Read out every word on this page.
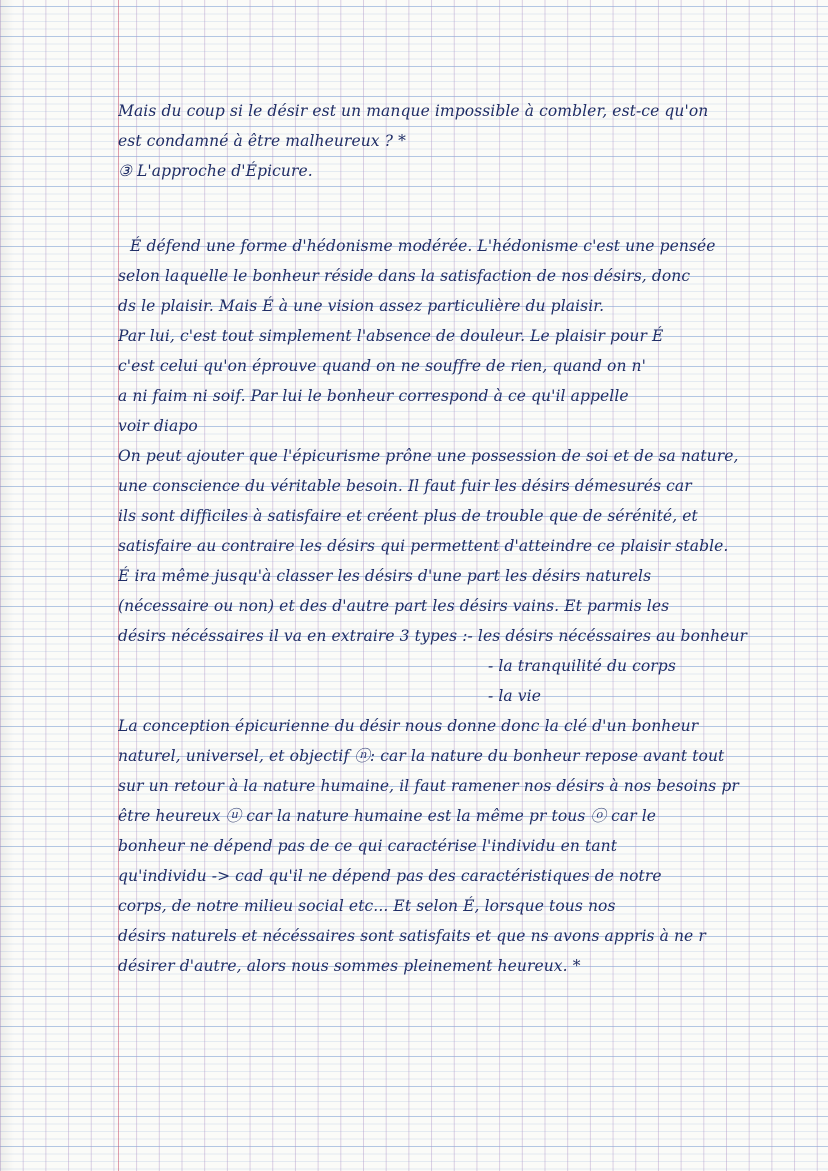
Mais du coup si le désir est un manque impossible à combler, est-ce qu'on
est condamné à être malheureux ? *
③ L'approche d'Épicure.
É défend une forme d'hédonisme modérée. L'hédonisme c'est une pensée
selon laquelle le bonheur réside dans la satisfaction de nos désirs, donc
ds le plaisir. Mais É à une vision assez particulière du plaisir.
Par lui, c'est tout simplement l'absence de douleur. Le plaisir pour É
c'est celui qu'on éprouve quand on ne souffre de rien, quand on n'
a ni faim ni soif. Par lui le bonheur correspond à ce qu'il appelle
voir diapo
On peut ajouter que l'épicurisme prône une possession de soi et de sa nature,
une conscience du véritable besoin. Il faut fuir les désirs démesurés car
ils sont difficiles à satisfaire et créent plus de trouble que de sérénité, et
satisfaire au contraire les désirs qui permettent d'atteindre ce plaisir stable.
É ira même jusqu'à classer les désirs d'une part les désirs naturels
(nécessaire ou non) et des d'autre part les désirs vains. Et parmis les
désirs nécéssaires il va en extraire 3 types :- les désirs nécéssaires au bonheur
- la tranquilité du corps
- la vie
La conception épicurienne du désir nous donne donc la clé d'un bonheur
naturel, universel, et objectif ⓝ: car la nature du bonheur repose avant tout
sur un retour à la nature humaine, il faut ramener nos désirs à nos besoins pr
être heureux ⓤ car la nature humaine est la même pr tous ⓞ car le
bonheur ne dépend pas de ce qui caractérise l'individu en tant
qu'individu -> cad qu'il ne dépend pas des caractéristiques de notre
corps, de notre milieu social etc... Et selon É, lorsque tous nos
désirs naturels et nécéssaires sont satisfaits et que ns avons appris à ne r
désirer d'autre, alors nous sommes pleinement heureux. *
